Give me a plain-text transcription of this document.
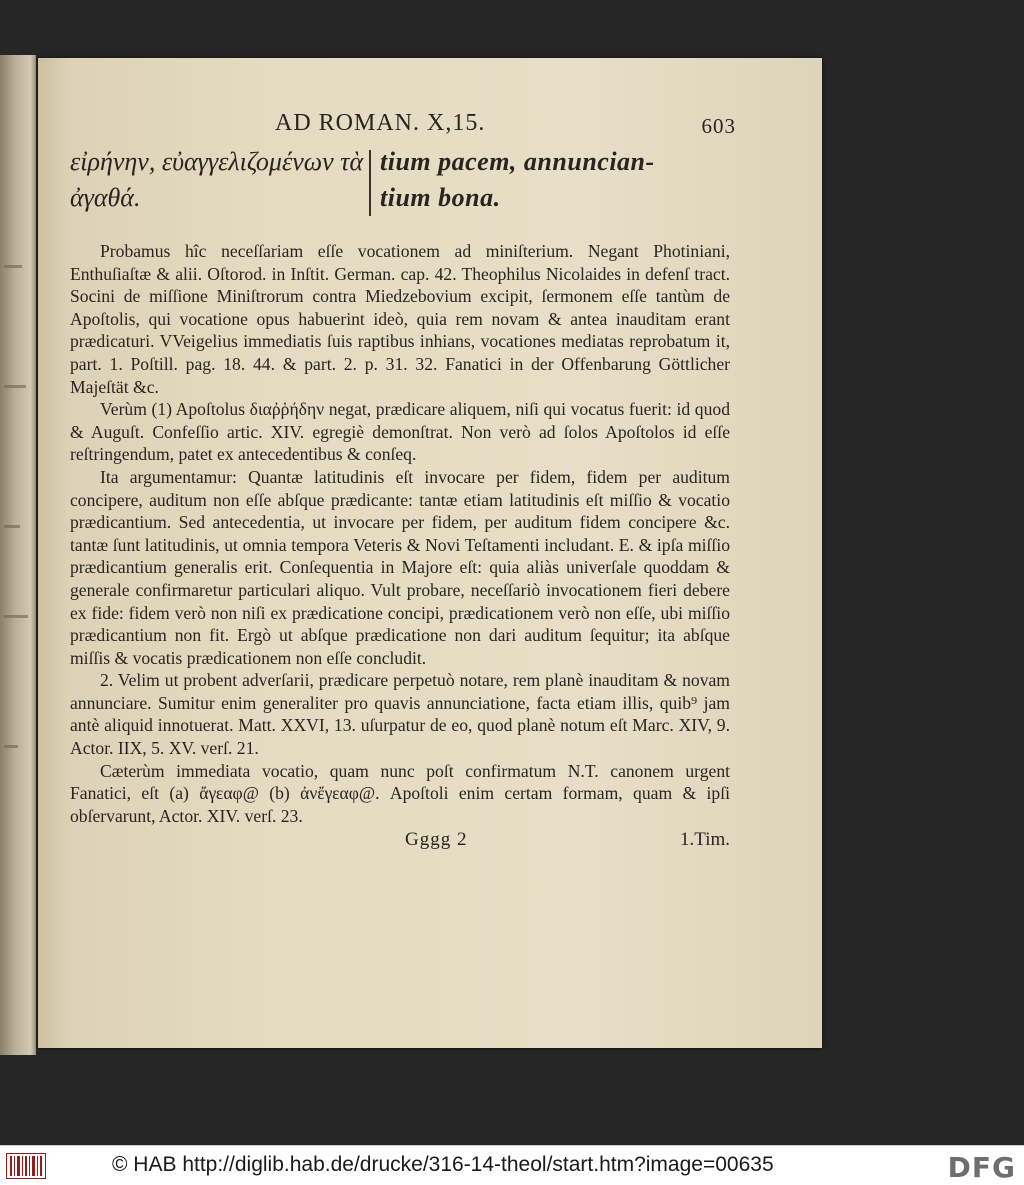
AD ROMAN. X,15.	603
εἰρήνην, εὐαγγελιζομένων τὰ
ἀγαθά.
tium pacem, annuncian-
tium bona.

Probamus hîc neceſſariam eſſe vocationem ad miniſterium. Negant Photiniani, Enthuſiaſtæ & alii. Oſtorod. in Inſtit. German. cap. 42. Theophilus Nicolaides in defenſ tract. Socini de miſſione Miniſtrorum contra Miedzebovium excipit, ſermonem eſſe tantùm de Apoſtolis, qui vocatione opus habuerint ideò, quia rem novam & antea inauditam erant prædicaturi. VVeigelius immediatis ſuis raptibus inhians, vocationes mediatas reprobatum it, part. 1. Poſtill. pag. 18. 44. & part. 2. p. 31. 32. Fanatici in der Offenbarung Göttlicher Majeſtät &c.

Verùm (1) Apoſtolus διαῤῥήδην negat, prædicare aliquem, niſi qui vocatus fuerit: id quod & Auguſt. Confeſſio artic. XIV. egregiè demonſtrat. Non verò ad ſolos Apoſtolos id eſſe reſtringendum, patet ex antecedentibus & conſeq.

Ita argumentamur: Quantæ latitudinis eſt invocare per fidem, fidem per auditum concipere, auditum non eſſe abſque prædicante: tantæ etiam latitudinis eſt miſſio & vocatio prædicantium. Sed antecedentia, ut invocare per fidem, per auditum fidem concipere &c. tantæ ſunt latitudinis, ut omnia tempora Veteris & Novi Teſtamenti includant. E. & ipſa miſſio prædicantium generalis erit. Conſequentia in Majore eſt: quia aliàs univerſale quoddam & generale confirmaretur particulari aliquo. Vult probare, neceſſariò invocationem fieri debere ex fide: fidem verò non niſi ex prædicatione concipi, prædicationem verò non eſſe, ubi miſſio prædicantium non fit. Ergò ut abſque prædicatione non dari auditum ſequitur; ita abſque miſſis & vocatis prædicationem non eſſe concludit.

2. Velim ut probent adverſarii, prædicare perpetuò notare, rem planè inauditam & novam annunciare. Sumitur enim generaliter pro quavis annunciatione, facta etiam illis, quib⁹ jam antè aliquid innotuerat. Matt. XXVI, 13. uſurpatur de eo, quod planè notum eſt Marc. XIV, 9. Actor. IIX, 5. XV. verſ. 21.

Cæterùm immediata vocatio, quam nunc poſt confirmatum N.T. canonem urgent Fanatici, eſt (a) ἄγεαφ@ (b) ἀνἔγεαφ@. Apoſtoli enim certam formam, quam & ipſi obſervarunt, Actor. XIV. verſ. 23.

Gggg 2	1.Tim.
© HAB http://diglib.hab.de/drucke/316-14-theol/start.htm?image=00635	DFG
